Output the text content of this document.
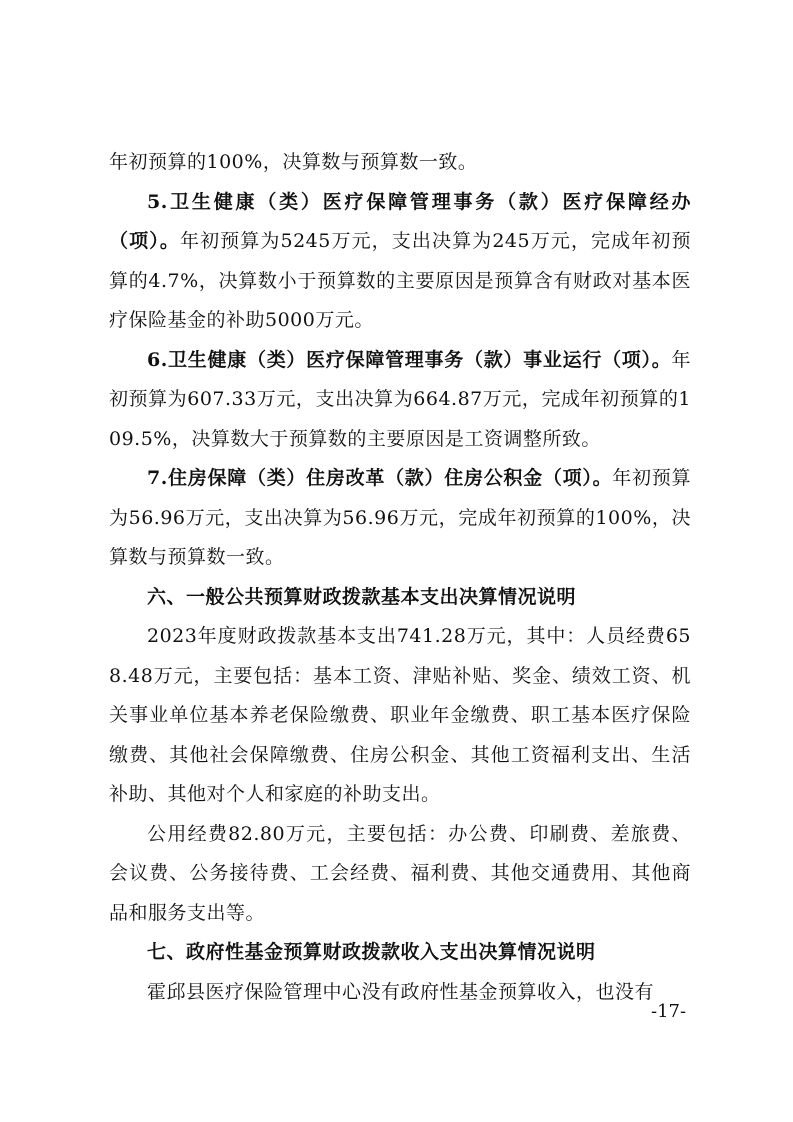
年初预算的100%，决算数与预算数一致。

5.卫生健康（类）医疗保障管理事务（款）医疗保障经办（项）。年初预算为5245万元，支出决算为245万元，完成年初预算的4.7%，决算数小于预算数的主要原因是预算含有财政对基本医疗保险基金的补助5000万元。

6.卫生健康（类）医疗保障管理事务（款）事业运行（项）。年初预算为607.33万元，支出决算为664.87万元，完成年初预算的109.5%，决算数大于预算数的主要原因是工资调整所致。

7.住房保障（类）住房改革（款）住房公积金（项）。年初预算为56.96万元，支出决算为56.96万元，完成年初预算的100%，决算数与预算数一致。

六、一般公共预算财政拨款基本支出决算情况说明

2023年度财政拨款基本支出741.28万元，其中：人员经费658.48万元，主要包括：基本工资、津贴补贴、奖金、绩效工资、机关事业单位基本养老保险缴费、职业年金缴费、职工基本医疗保险缴费、其他社会保障缴费、住房公积金、其他工资福利支出、生活补助、其他对个人和家庭的补助支出。

公用经费82.80万元，主要包括：办公费、印刷费、差旅费、会议费、公务接待费、工会经费、福利费、其他交通费用、其他商品和服务支出等。

七、政府性基金预算财政拨款收入支出决算情况说明

霍邱县医疗保险管理中心没有政府性基金预算收入，也没有

-17-
